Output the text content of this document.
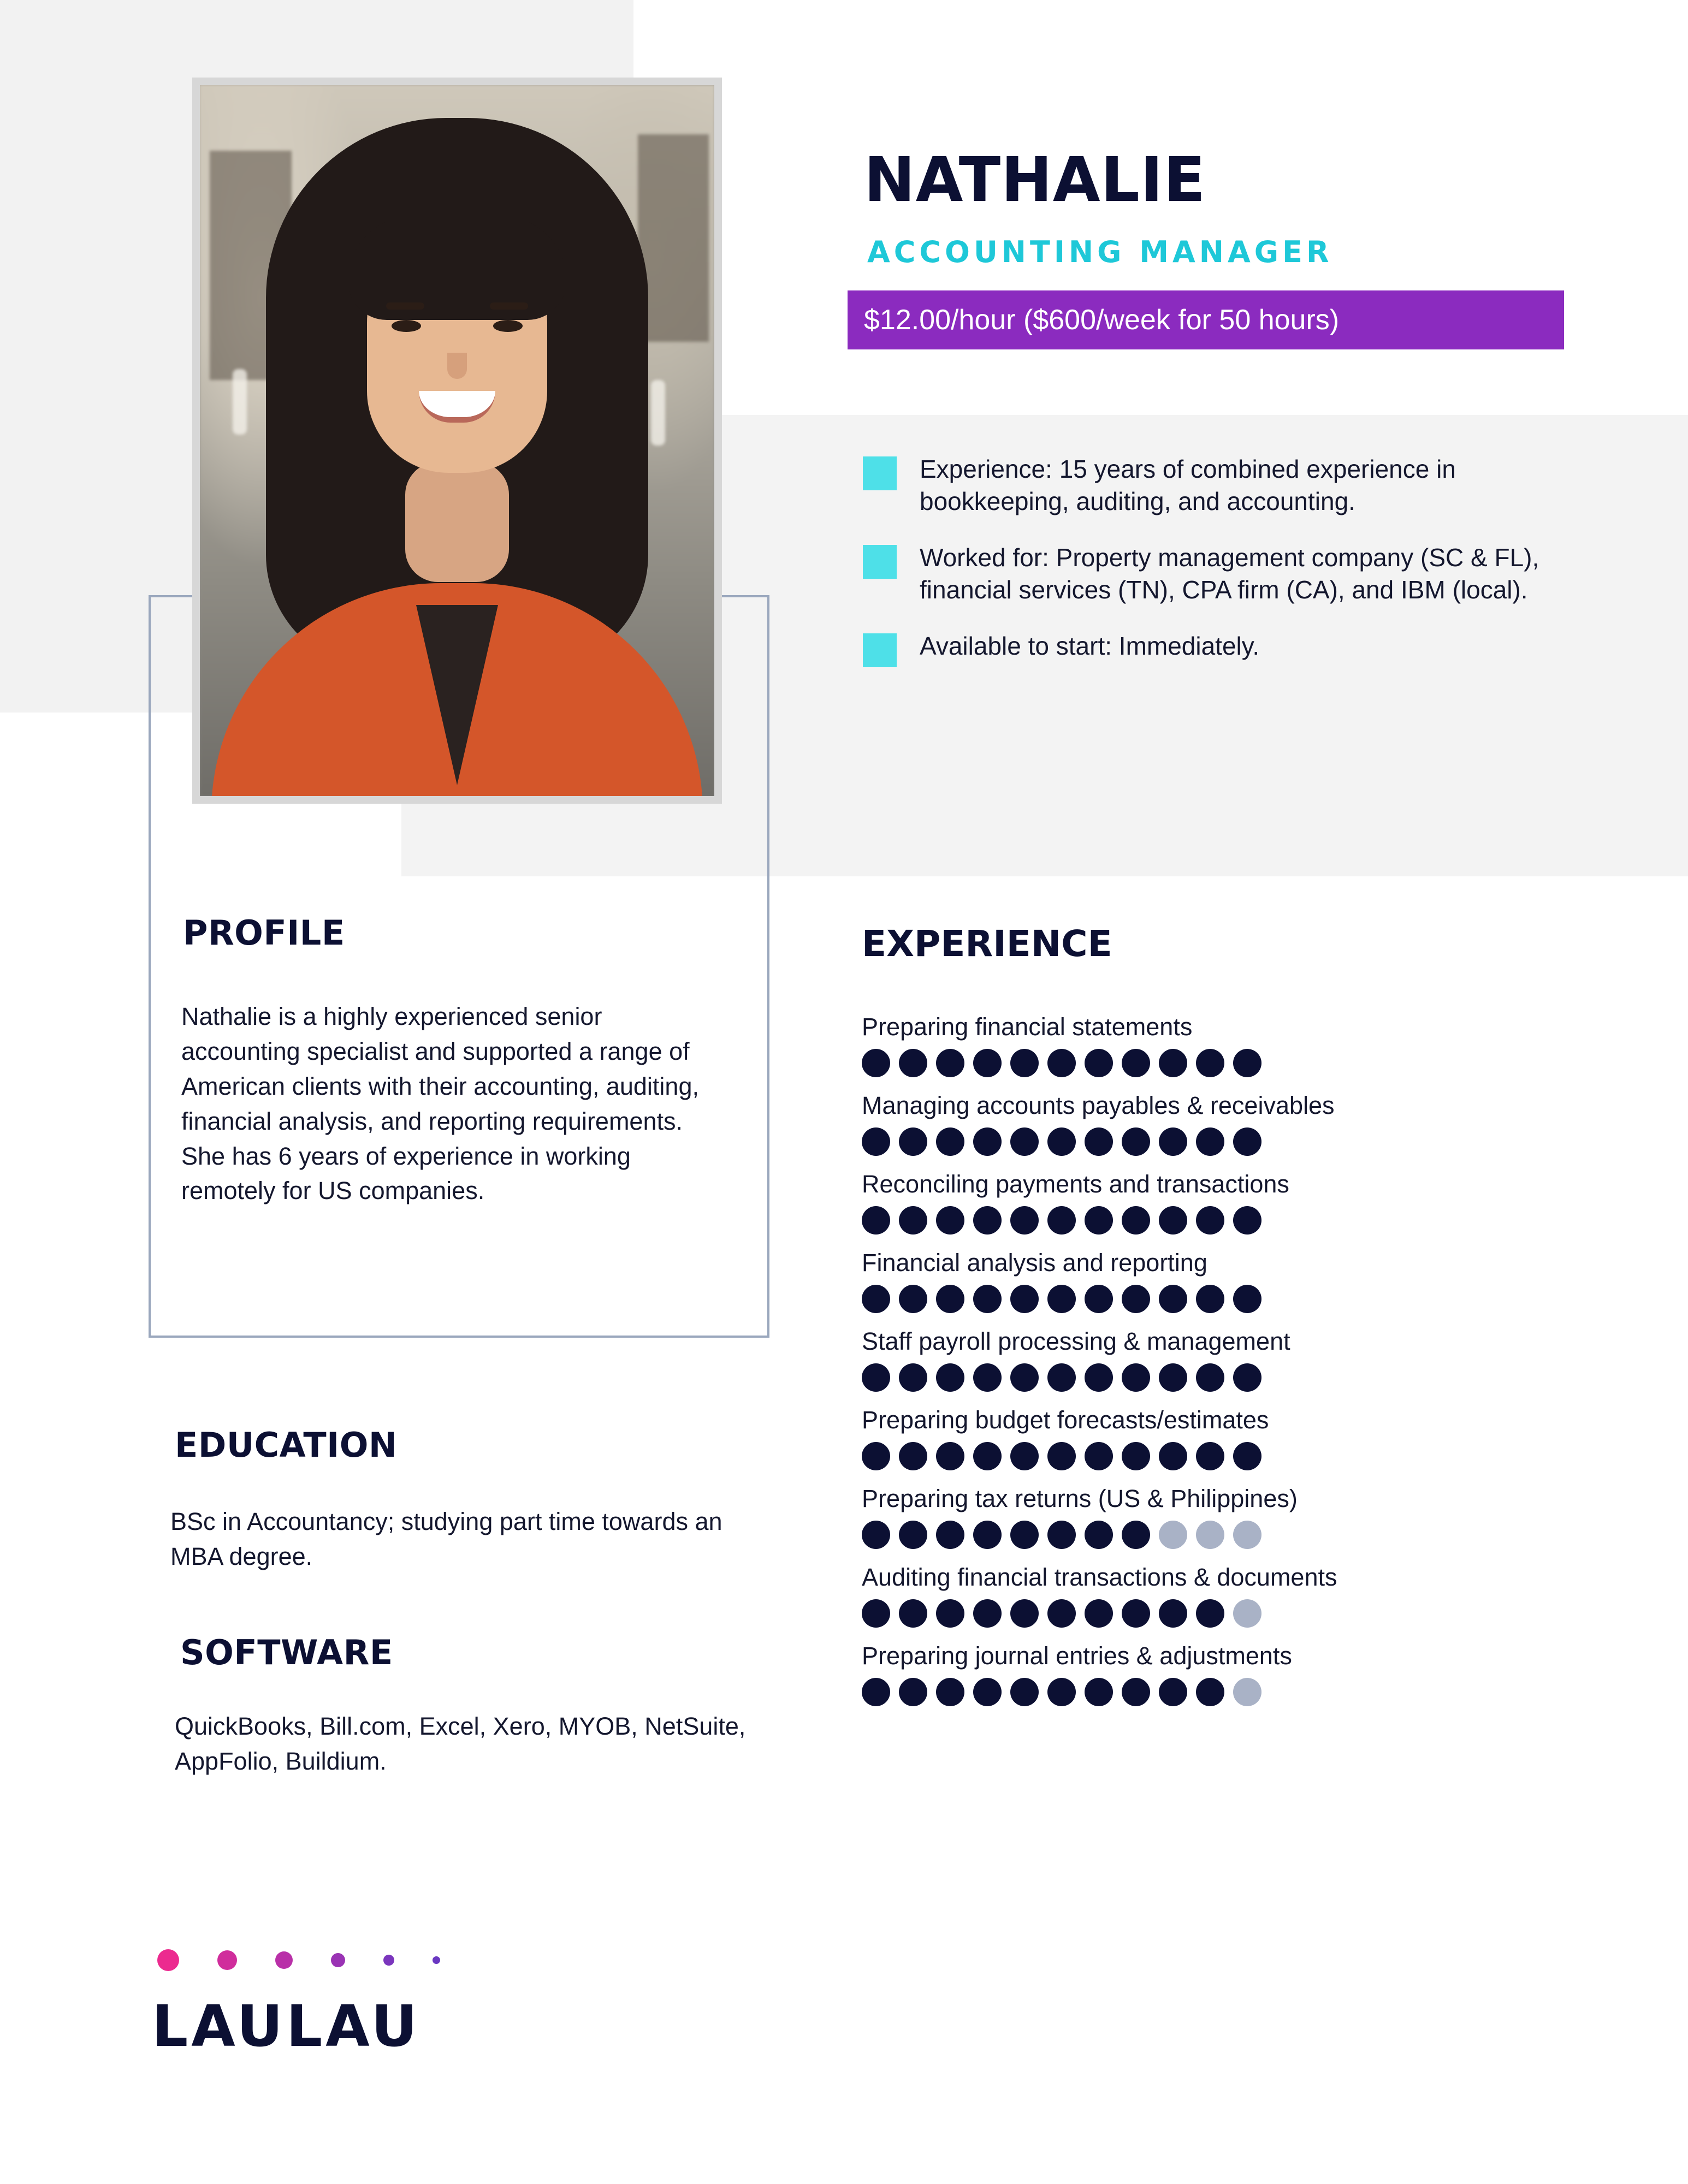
NATHALIE
ACCOUNTING MANAGER
$12.00/hour ($600/week for 50 hours)
Experience: 15 years of combined experience in bookkeeping, auditing, and accounting.
Worked for: Property management company (SC & FL), financial services (TN), CPA firm (CA), and IBM (local).
Available to start: Immediately.
PROFILE
Nathalie is a highly experienced senior accounting specialist and supported a range of American clients with their accounting, auditing, financial analysis, and reporting requirements. She has 6 years of experience in working remotely for US companies.
EDUCATION
BSc in Accountancy; studying part time towards an MBA degree.
SOFTWARE
QuickBooks, Bill.com, Excel, Xero, MYOB, NetSuite, AppFolio, Buildium.
LAULAU
EXPERIENCE
Preparing financial statements
Managing accounts payables & receivables
Reconciling payments and transactions
Financial analysis and reporting
Staff payroll processing & management
Preparing budget forecasts/estimates
Preparing tax returns (US & Philippines)
Auditing financial transactions & documents
Preparing journal entries & adjustments
